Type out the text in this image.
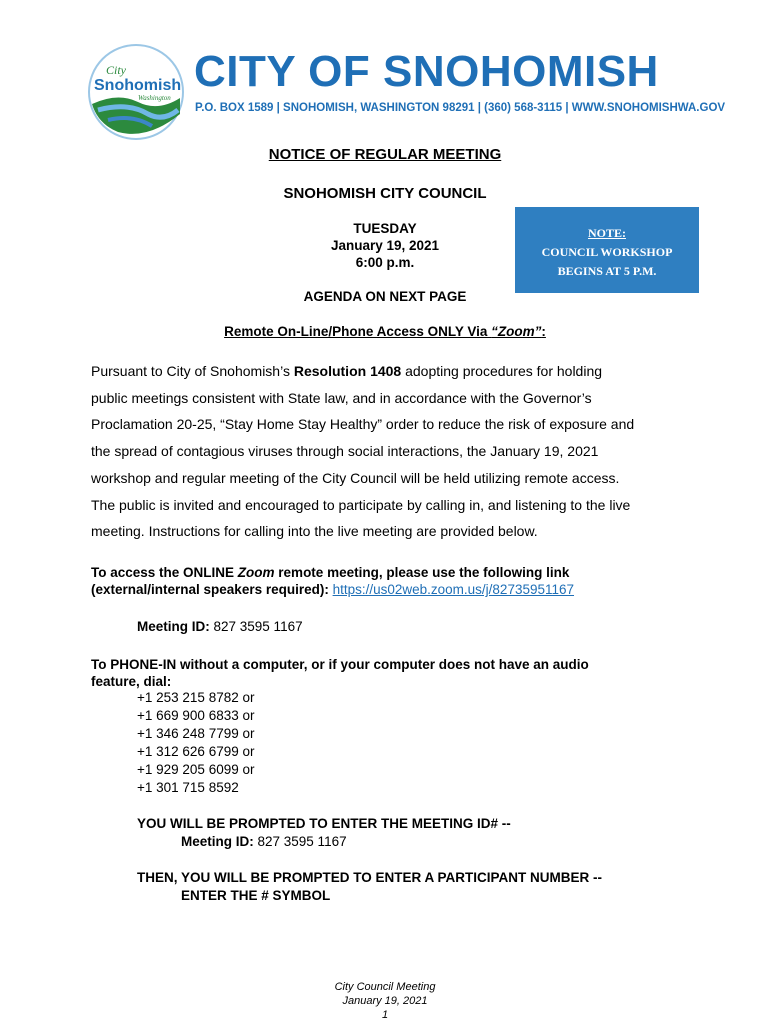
City
Snohomish
Washington
CITY OF SNOHOMISH
P.O. BOX 1589 | SNOHOMISH, WASHINGTON 98291 | (360) 568-3115 | WWW.SNOHOMISHWA.GOV
NOTICE OF REGULAR MEETING
SNOHOMISH CITY COUNCIL
TUESDAY
January 19, 2021
6:00 p.m.
NOTE:
COUNCIL WORKSHOP
BEGINS AT 5 P.M.
AGENDA ON NEXT PAGE
Remote On-Line/Phone Access ONLY Via “Zoom”:
Pursuant to City of Snohomish’s Resolution 1408 adopting procedures for holding
public meetings consistent with State law, and in accordance with the Governor’s
Proclamation 20-25, “Stay Home Stay Healthy” order to reduce the risk of exposure and
the spread of contagious viruses through social interactions, the January 19, 2021
workshop and regular meeting of the City Council will be held utilizing remote access.
The public is invited and encouraged to participate by calling in, and listening to the live
meeting. Instructions for calling into the live meeting are provided below.
To access the ONLINE Zoom remote meeting, please use the following link
(external/internal speakers required): https://us02web.zoom.us/j/82735951167
Meeting ID: 827 3595 1167
To PHONE-IN without a computer, or if your computer does not have an audio
feature, dial:
+1 253 215 8782 or
+1 669 900 6833 or
+1 346 248 7799 or
+1 312 626 6799 or
+1 929 205 6099 or
+1 301 715 8592
YOU WILL BE PROMPTED TO ENTER THE MEETING ID# --
Meeting ID: 827 3595 1167
THEN, YOU WILL BE PROMPTED TO ENTER A PARTICIPANT NUMBER --
ENTER THE # SYMBOL
City Council Meeting
January 19, 2021
1
